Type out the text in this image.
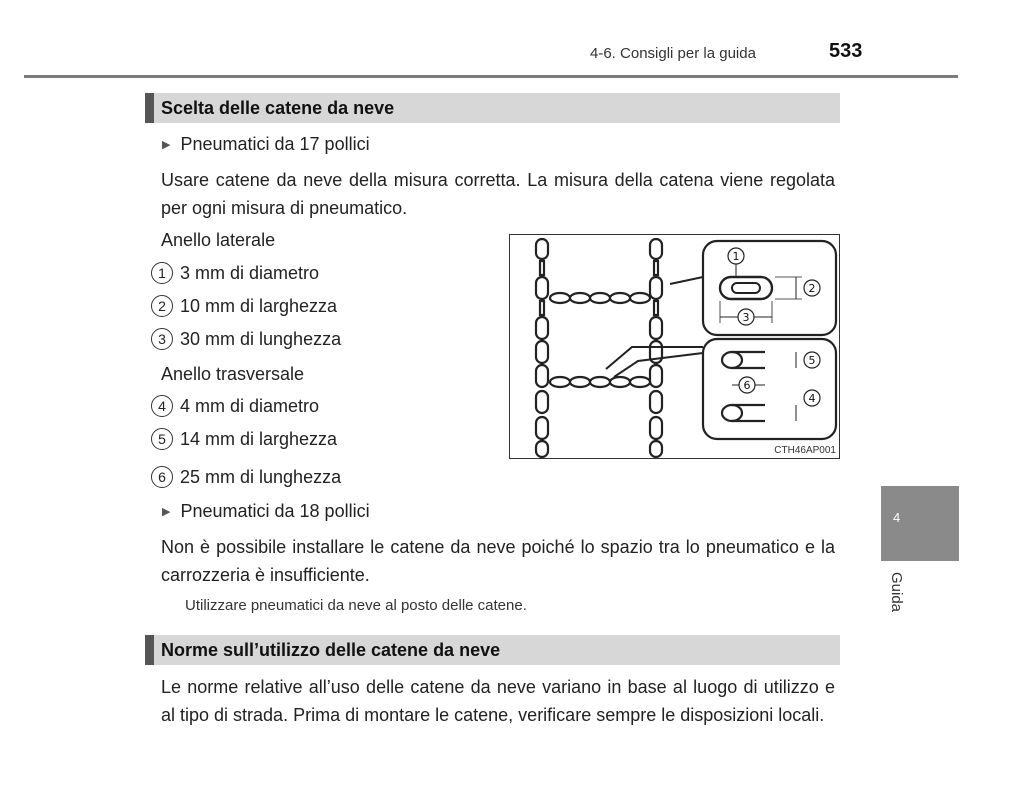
4-6. Consigli per la guida	533
Scelta delle catene da neve
▶ Pneumatici da 17 pollici
Usare catene da neve della misura corretta. La misura della catena viene regolata per ogni misura di pneumatico.
Anello laterale
1 3 mm di diametro
2 10 mm di larghezza
3 30 mm di lunghezza
Anello trasversale
4 4 mm di diametro
5 14 mm di larghezza
6 25 mm di lunghezza
1
2
3
5
6
4
CTH46AP001
▶ Pneumatici da 18 pollici
Non è possibile installare le catene da neve poiché lo spazio tra lo pneumatico e la carrozzeria è insufficiente.
Utilizzare pneumatici da neve al posto delle catene.
Norme sull’utilizzo delle catene da neve
Le norme relative all’uso delle catene da neve variano in base al luogo di utilizzo e al tipo di strada. Prima di montare le catene, verificare sempre le disposizioni locali.
4
Guida
